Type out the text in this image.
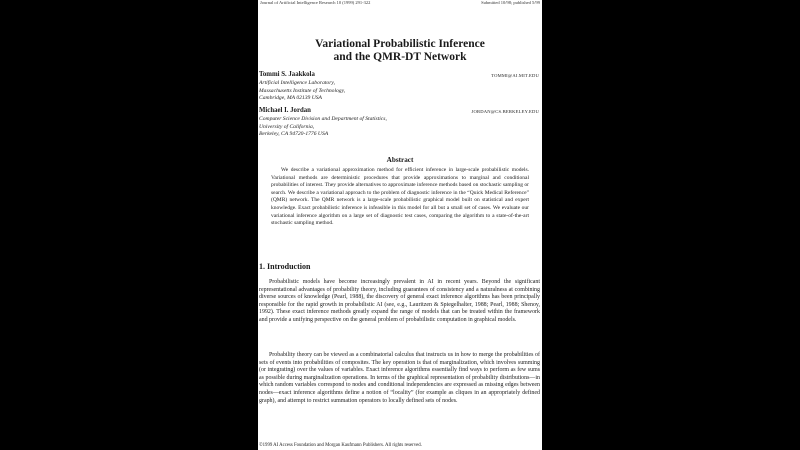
Journal of Artificial Intelligence Research 10 (1999) 291-322	Submitted 10/98; published 5/99
Variational Probabilistic Inference
and the QMR-DT Network
Tommi S. Jaakkola	TOMMI@AI.MIT.EDU
Artificial Intelligence Laboratory,
Massachusetts Institute of Technology,
Cambridge, MA 02139 USA
Michael I. Jordan	JORDAN@CS.BERKELEY.EDU
Computer Science Division and Department of Statistics,
University of California,
Berkeley, CA 94720-1776 USA
Abstract
We describe a variational approximation method for efficient inference in large-scale probabilistic models. Variational methods are deterministic procedures that provide approximations to marginal and conditional probabilities of interest. They provide alternatives to approximate inference methods based on stochastic sampling or search. We describe a variational approach to the problem of diagnostic inference in the “Quick Medical Reference” (QMR) network. The QMR network is a large-scale probabilistic graphical model built on statistical and expert knowledge. Exact probabilistic inference is infeasible in this model for all but a small set of cases. We evaluate our variational inference algorithm on a large set of diagnostic test cases, comparing the algorithm to a state-of-the-art stochastic sampling method.
1. Introduction
Probabilistic models have become increasingly prevalent in AI in recent years. Beyond the significant representational advantages of probability theory, including guarantees of consistency and a naturalness at combining diverse sources of knowledge (Pearl, 1988), the discovery of general exact inference algorithms has been principally responsible for the rapid growth in probabilistic AI (see, e.g., Lauritzen & Spiegelhalter, 1988; Pearl, 1988; Shenoy, 1992). These exact inference methods greatly expand the range of models that can be treated within the framework and provide a unifying perspective on the general problem of probabilistic computation in graphical models.
Probability theory can be viewed as a combinatorial calculus that instructs us in how to merge the probabilities of sets of events into probabilities of composites. The key operation is that of marginalization, which involves summing (or integrating) over the values of variables. Exact inference algorithms essentially find ways to perform as few sums as possible during marginalization operations. In terms of the graphical representation of probability distributions—in which random variables correspond to nodes and conditional independencies are expressed as missing edges between nodes—exact inference algorithms define a notion of “locality” (for example as cliques in an appropriately defined graph), and attempt to restrict summation operators to locally defined sets of nodes.
©1999 AI Access Foundation and Morgan Kaufmann Publishers. All rights reserved.
